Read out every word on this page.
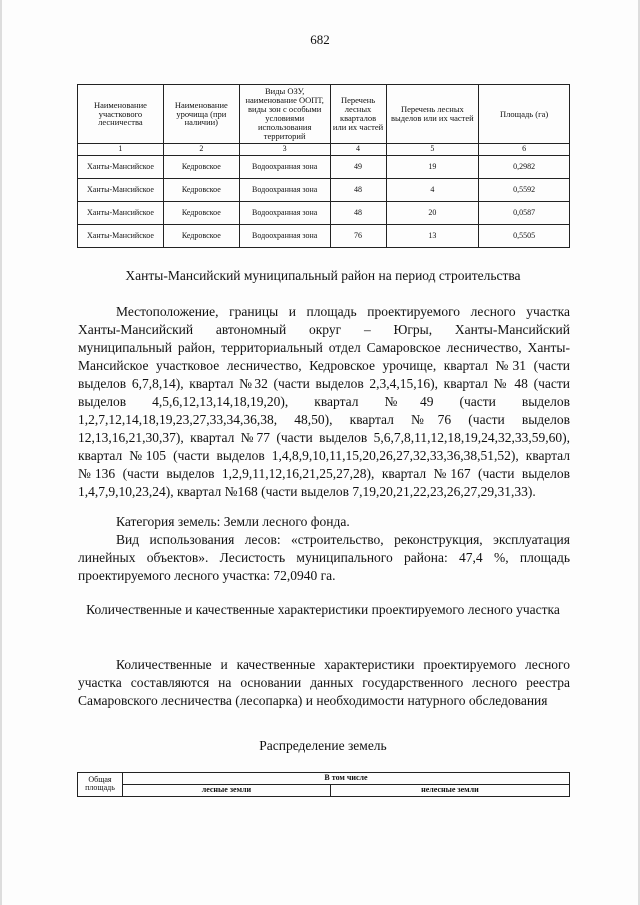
682
Наименование участкового лесничества	Наименование урочища (при наличии)	Виды ОЗУ, наименование ООПТ, виды зон с особыми условиями использования территорий	Перечень лесных кварталов или их частей	Перечень лесных выделов или их частей	Площадь (га)
1	2	3	4	5	6
Ханты-Мансийское	Кедровское	Водоохранная зона	49	19	0,2982
Ханты-Мансийское	Кедровское	Водоохранная зона	48	4	0,5592
Ханты-Мансийское	Кедровское	Водоохранная зона	48	20	0,0587
Ханты-Мансийское	Кедровское	Водоохранная зона	76	13	0,5505
Ханты-Мансийский муниципальный район на период строительства

Местоположение, границы и площадь проектируемого лесного участка Ханты-Мансийский автономный округ – Югры, Ханты-Мансийский муниципальный район, территориальный отдел Самаровское лесничество, Ханты-Мансийское участковое лесничество, Кедровское урочище, квартал №31 (части выделов 6,7,8,14), квартал №32 (части выделов 2,3,4,15,16), квартал № 48 (части выделов 4,5,6,12,13,14,18,19,20), квартал №49 (части выделов 1,2,7,12,14,18,19,23,27,33,34,36,38, 48,50), квартал №76 (части выделов 12,13,16,21,30,37), квартал №77 (части выделов 5,6,7,8,11,12,18,19,24,32,33,59,60), квартал №105 (части выделов 1,4,8,9,10,11,15,20,26,27,32,33,36,38,51,52), квартал №136 (части выделов 1,2,9,11,12,16,21,25,27,28), квартал №167 (части выделов 1,4,7,9,10,23,24), квартал №168 (части выделов 7,19,20,21,22,23,26,27,29,31,33).

Категория земель: Земли лесного фонда.

Вид использования лесов: «строительство, реконструкция, эксплуатация линейных объектов». Лесистость муниципального района: 47,4 %, площадь проектируемого лесного участка: 72,0940 га.

Количественные и качественные характеристики проектируемого лесного участка

Количественные и качественные характеристики проектируемого лесного участка составляются на основании данных государственного лесного реестра Самаровского лесничества (лесопарка) и необходимости натурного обследования

Распределение земель
Общая площадь	В том числе	
	лесные земли	нелесные земли
